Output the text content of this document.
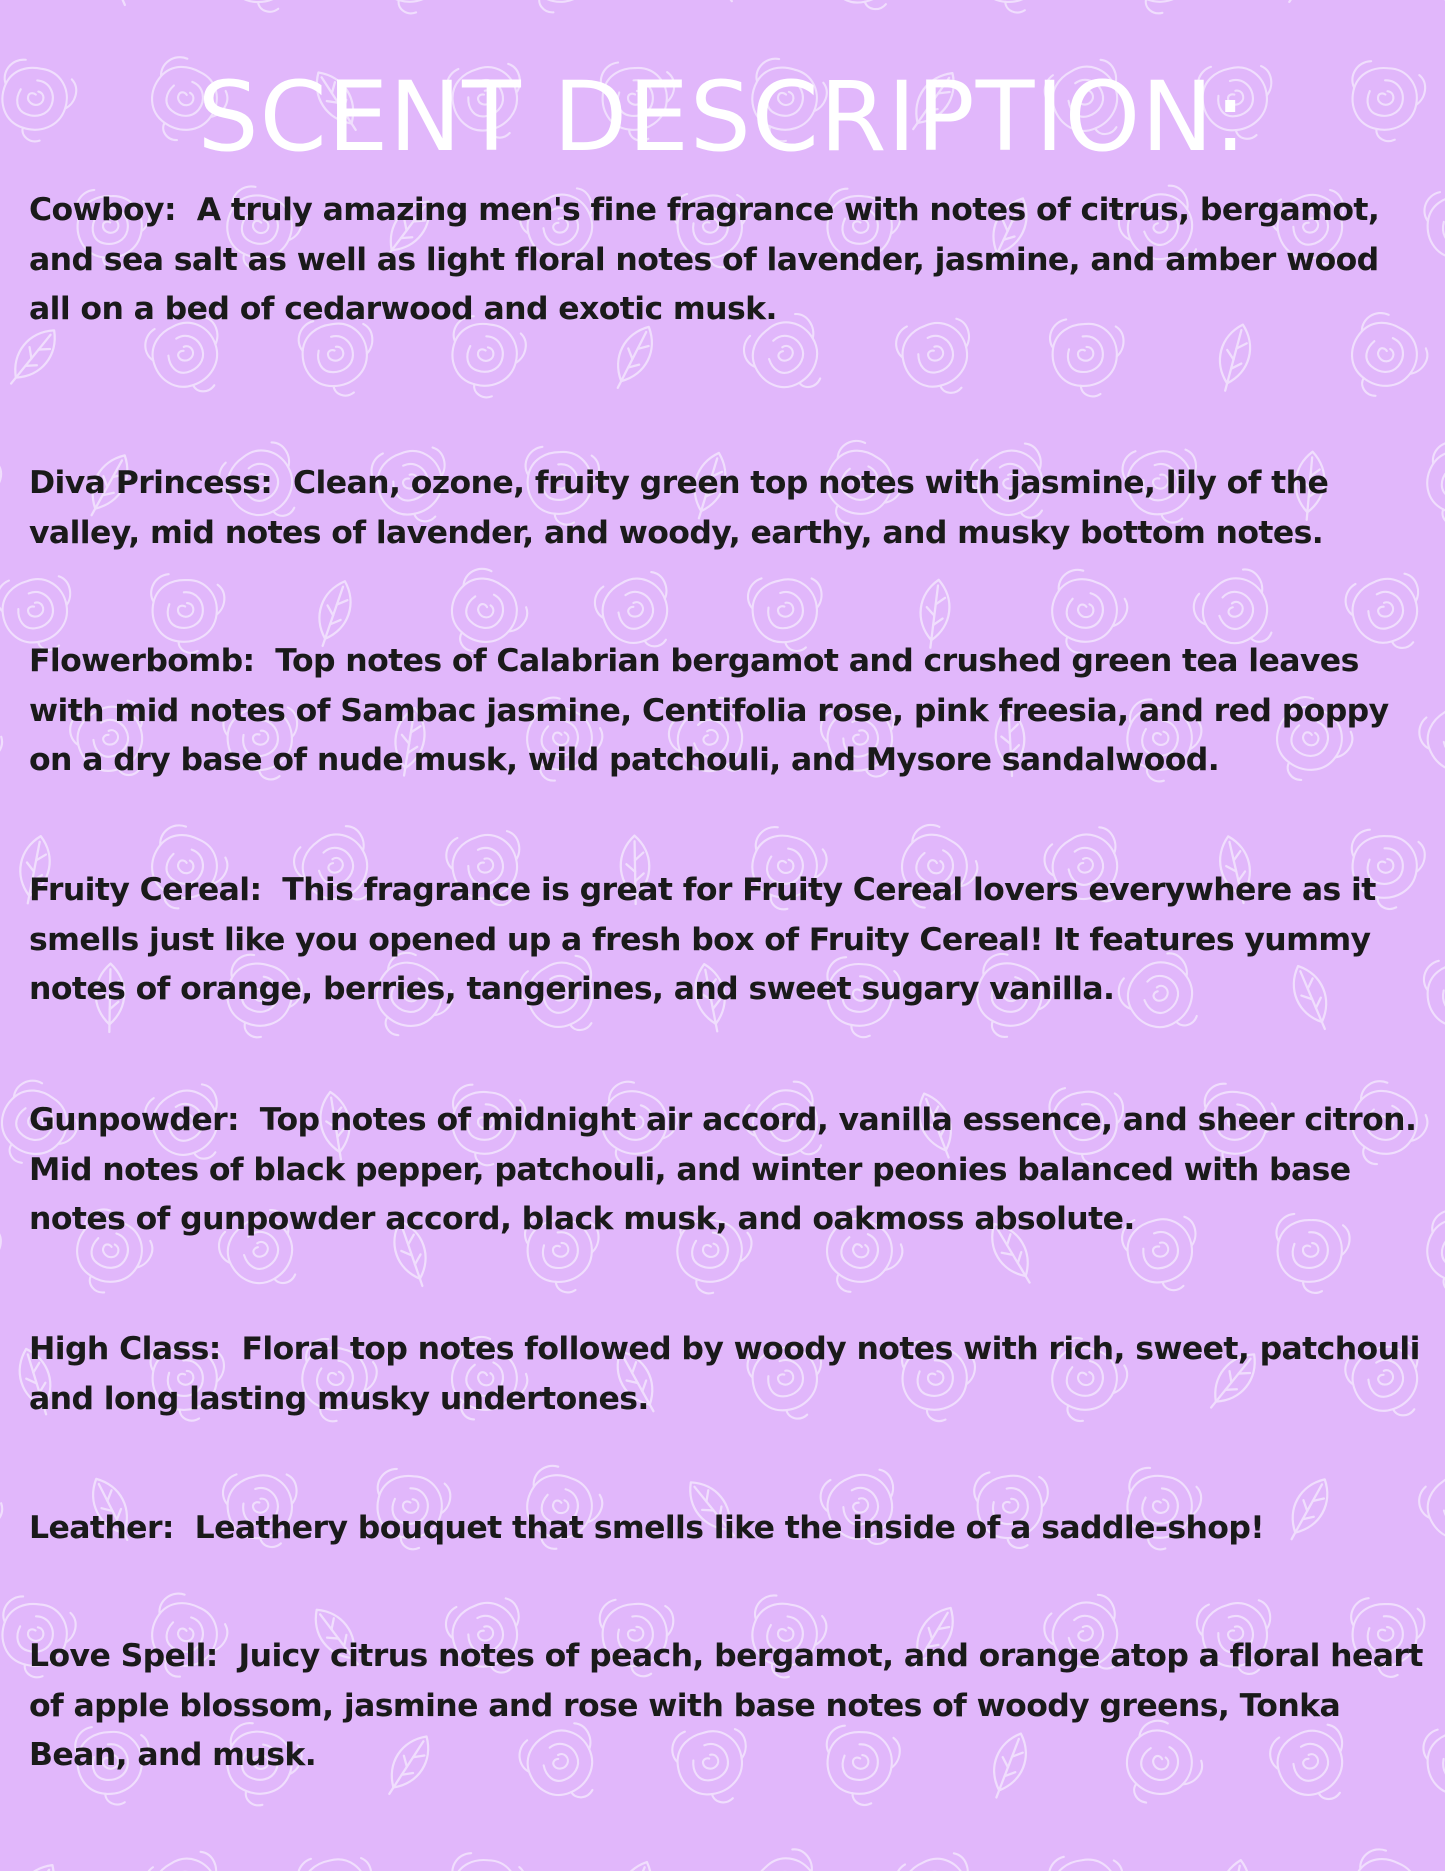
SCENT DESCRIPTION:

Cowboy: A truly amazing men's fine fragrance with notes of citrus, bergamot, and sea salt as well as light floral notes of lavender, jasmine, and amber wood all on a bed of cedarwood and exotic musk.

Diva Princess: Clean, ozone, fruity green top notes with jasmine, lily of the valley, mid notes of lavender, and woody, earthy, and musky bottom notes.

Flowerbomb: Top notes of Calabrian bergamot and crushed green tea leaves with mid notes of Sambac jasmine, Centifolia rose, pink freesia, and red poppy on a dry base of nude musk, wild patchouli, and Mysore sandalwood.

Fruity Cereal: This fragrance is great for Fruity Cereal lovers everywhere as it smells just like you opened up a fresh box of Fruity Cereal! It features yummy notes of orange, berries, tangerines, and sweet sugary vanilla.

Gunpowder: Top notes of midnight air accord, vanilla essence, and sheer citron. Mid notes of black pepper, patchouli, and winter peonies balanced with base notes of gunpowder accord, black musk, and oakmoss absolute.

High Class: Floral top notes followed by woody notes with rich, sweet, patchouli and long lasting musky undertones.

Leather: Leathery bouquet that smells like the inside of a saddle-shop!

Love Spell: Juicy citrus notes of peach, bergamot, and orange atop a floral heart of apple blossom, jasmine and rose with base notes of woody greens, Tonka Bean, and musk.
